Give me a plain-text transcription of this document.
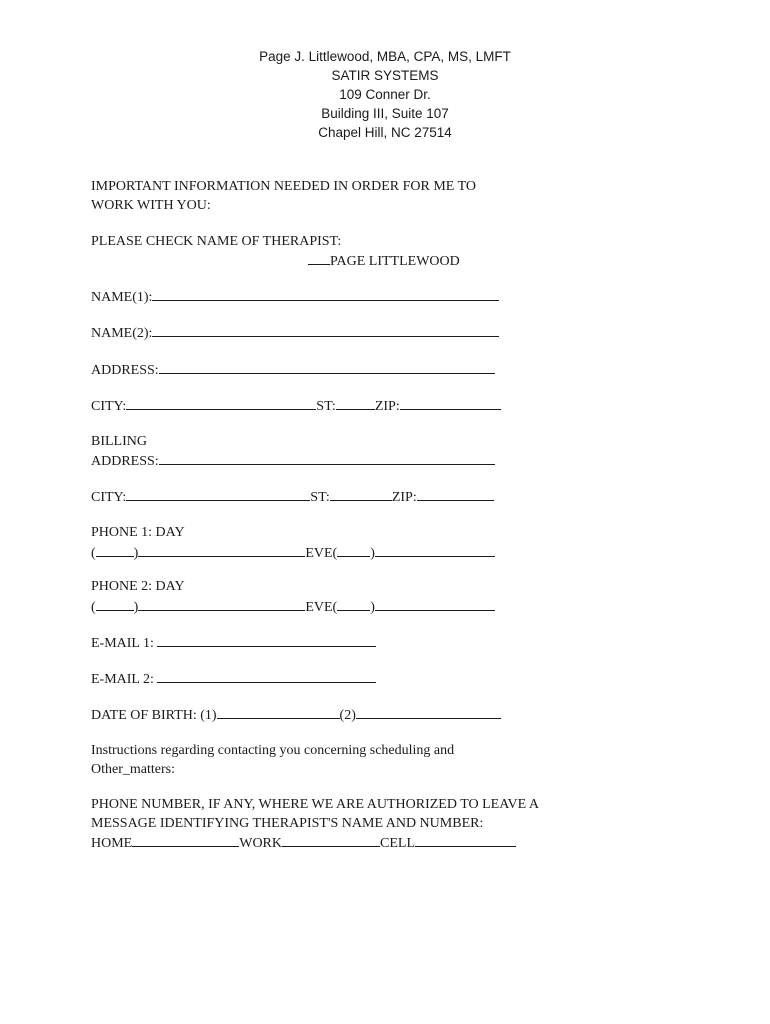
Page J. Littlewood, MBA, CPA, MS, LMFT
SATIR SYSTEMS
109 Conner Dr.
Building III, Suite 107
Chapel Hill, NC 27514
IMPORTANT INFORMATION NEEDED IN ORDER FOR ME TO
WORK WITH YOU:
PLEASE CHECK NAME OF THERAPIST:
PAGE LITTLEWOOD
NAME(1):
NAME(2):
ADDRESS:
CITY:	ST:	ZIP:
BILLING
ADDRESS:
CITY:	ST:	ZIP:
PHONE 1: DAY
(	)	EVE( )
PHONE 2: DAY
(	)	EVE( )
E-MAIL 1:
E-MAIL 2:
DATE OF BIRTH: (1)	(2)
Instructions regarding contacting you concerning scheduling and
Other_matters:
PHONE NUMBER, IF ANY, WHERE WE ARE AUTHORIZED TO LEAVE A
MESSAGE IDENTIFYING THERAPIST'S NAME AND NUMBER:
HOME	WORK	CELL
